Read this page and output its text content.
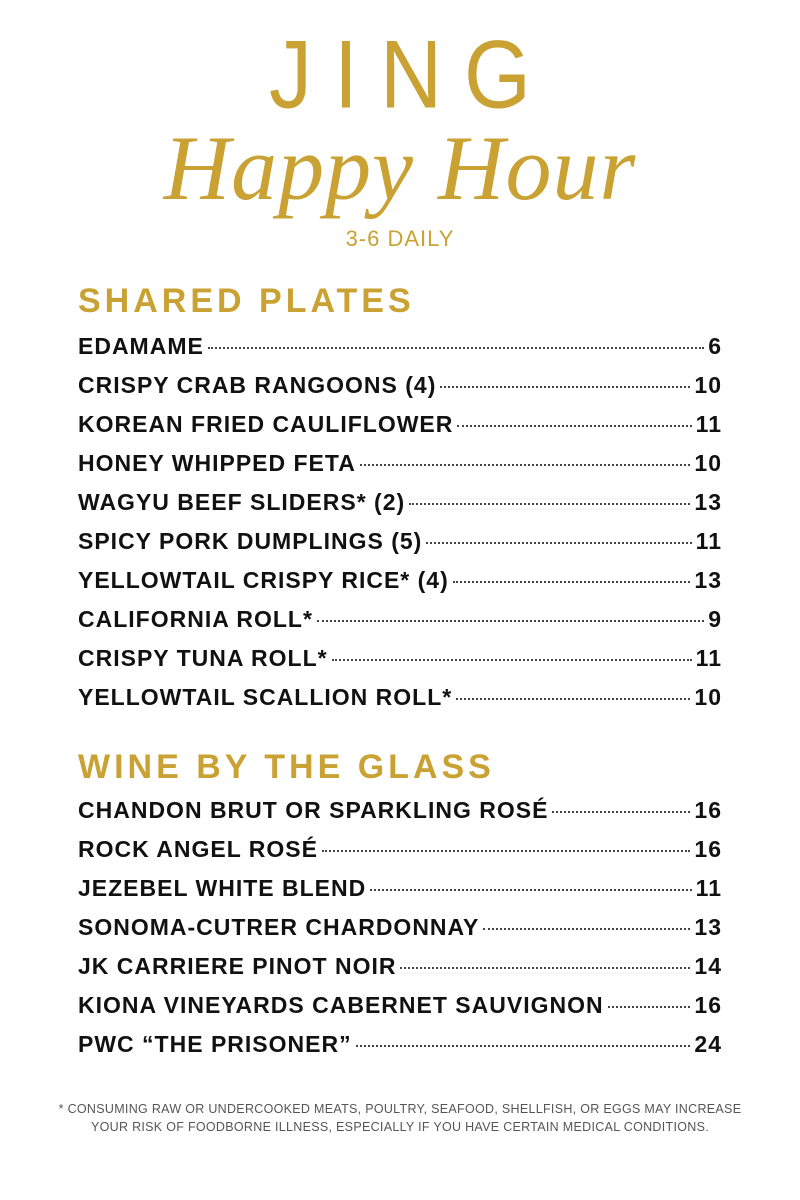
JING
Happy Hour
3-6 DAILY
SHARED PLATES
EDAMAME	6
CRISPY CRAB RANGOONS (4)	10
KOREAN FRIED CAULIFLOWER	11
HONEY WHIPPED FETA	10
WAGYU BEEF SLIDERS* (2)	13
SPICY PORK DUMPLINGS (5)	11
YELLOWTAIL CRISPY RICE* (4)	13
CALIFORNIA ROLL*	9
CRISPY TUNA ROLL*	11
YELLOWTAIL SCALLION ROLL*	10
WINE BY THE GLASS
CHANDON BRUT OR SPARKLING ROSÉ	16
ROCK ANGEL ROSÉ	16
JEZEBEL WHITE BLEND	11
SONOMA-CUTRER CHARDONNAY	13
JK CARRIERE PINOT NOIR	14
KIONA VINEYARDS CABERNET SAUVIGNON	16
PWC “THE PRISONER”	24
* CONSUMING RAW OR UNDERCOOKED MEATS, POULTRY, SEAFOOD, SHELLFISH, OR EGGS MAY INCREASE
YOUR RISK OF FOODBORNE ILLNESS, ESPECIALLY IF YOU HAVE CERTAIN MEDICAL CONDITIONS.
